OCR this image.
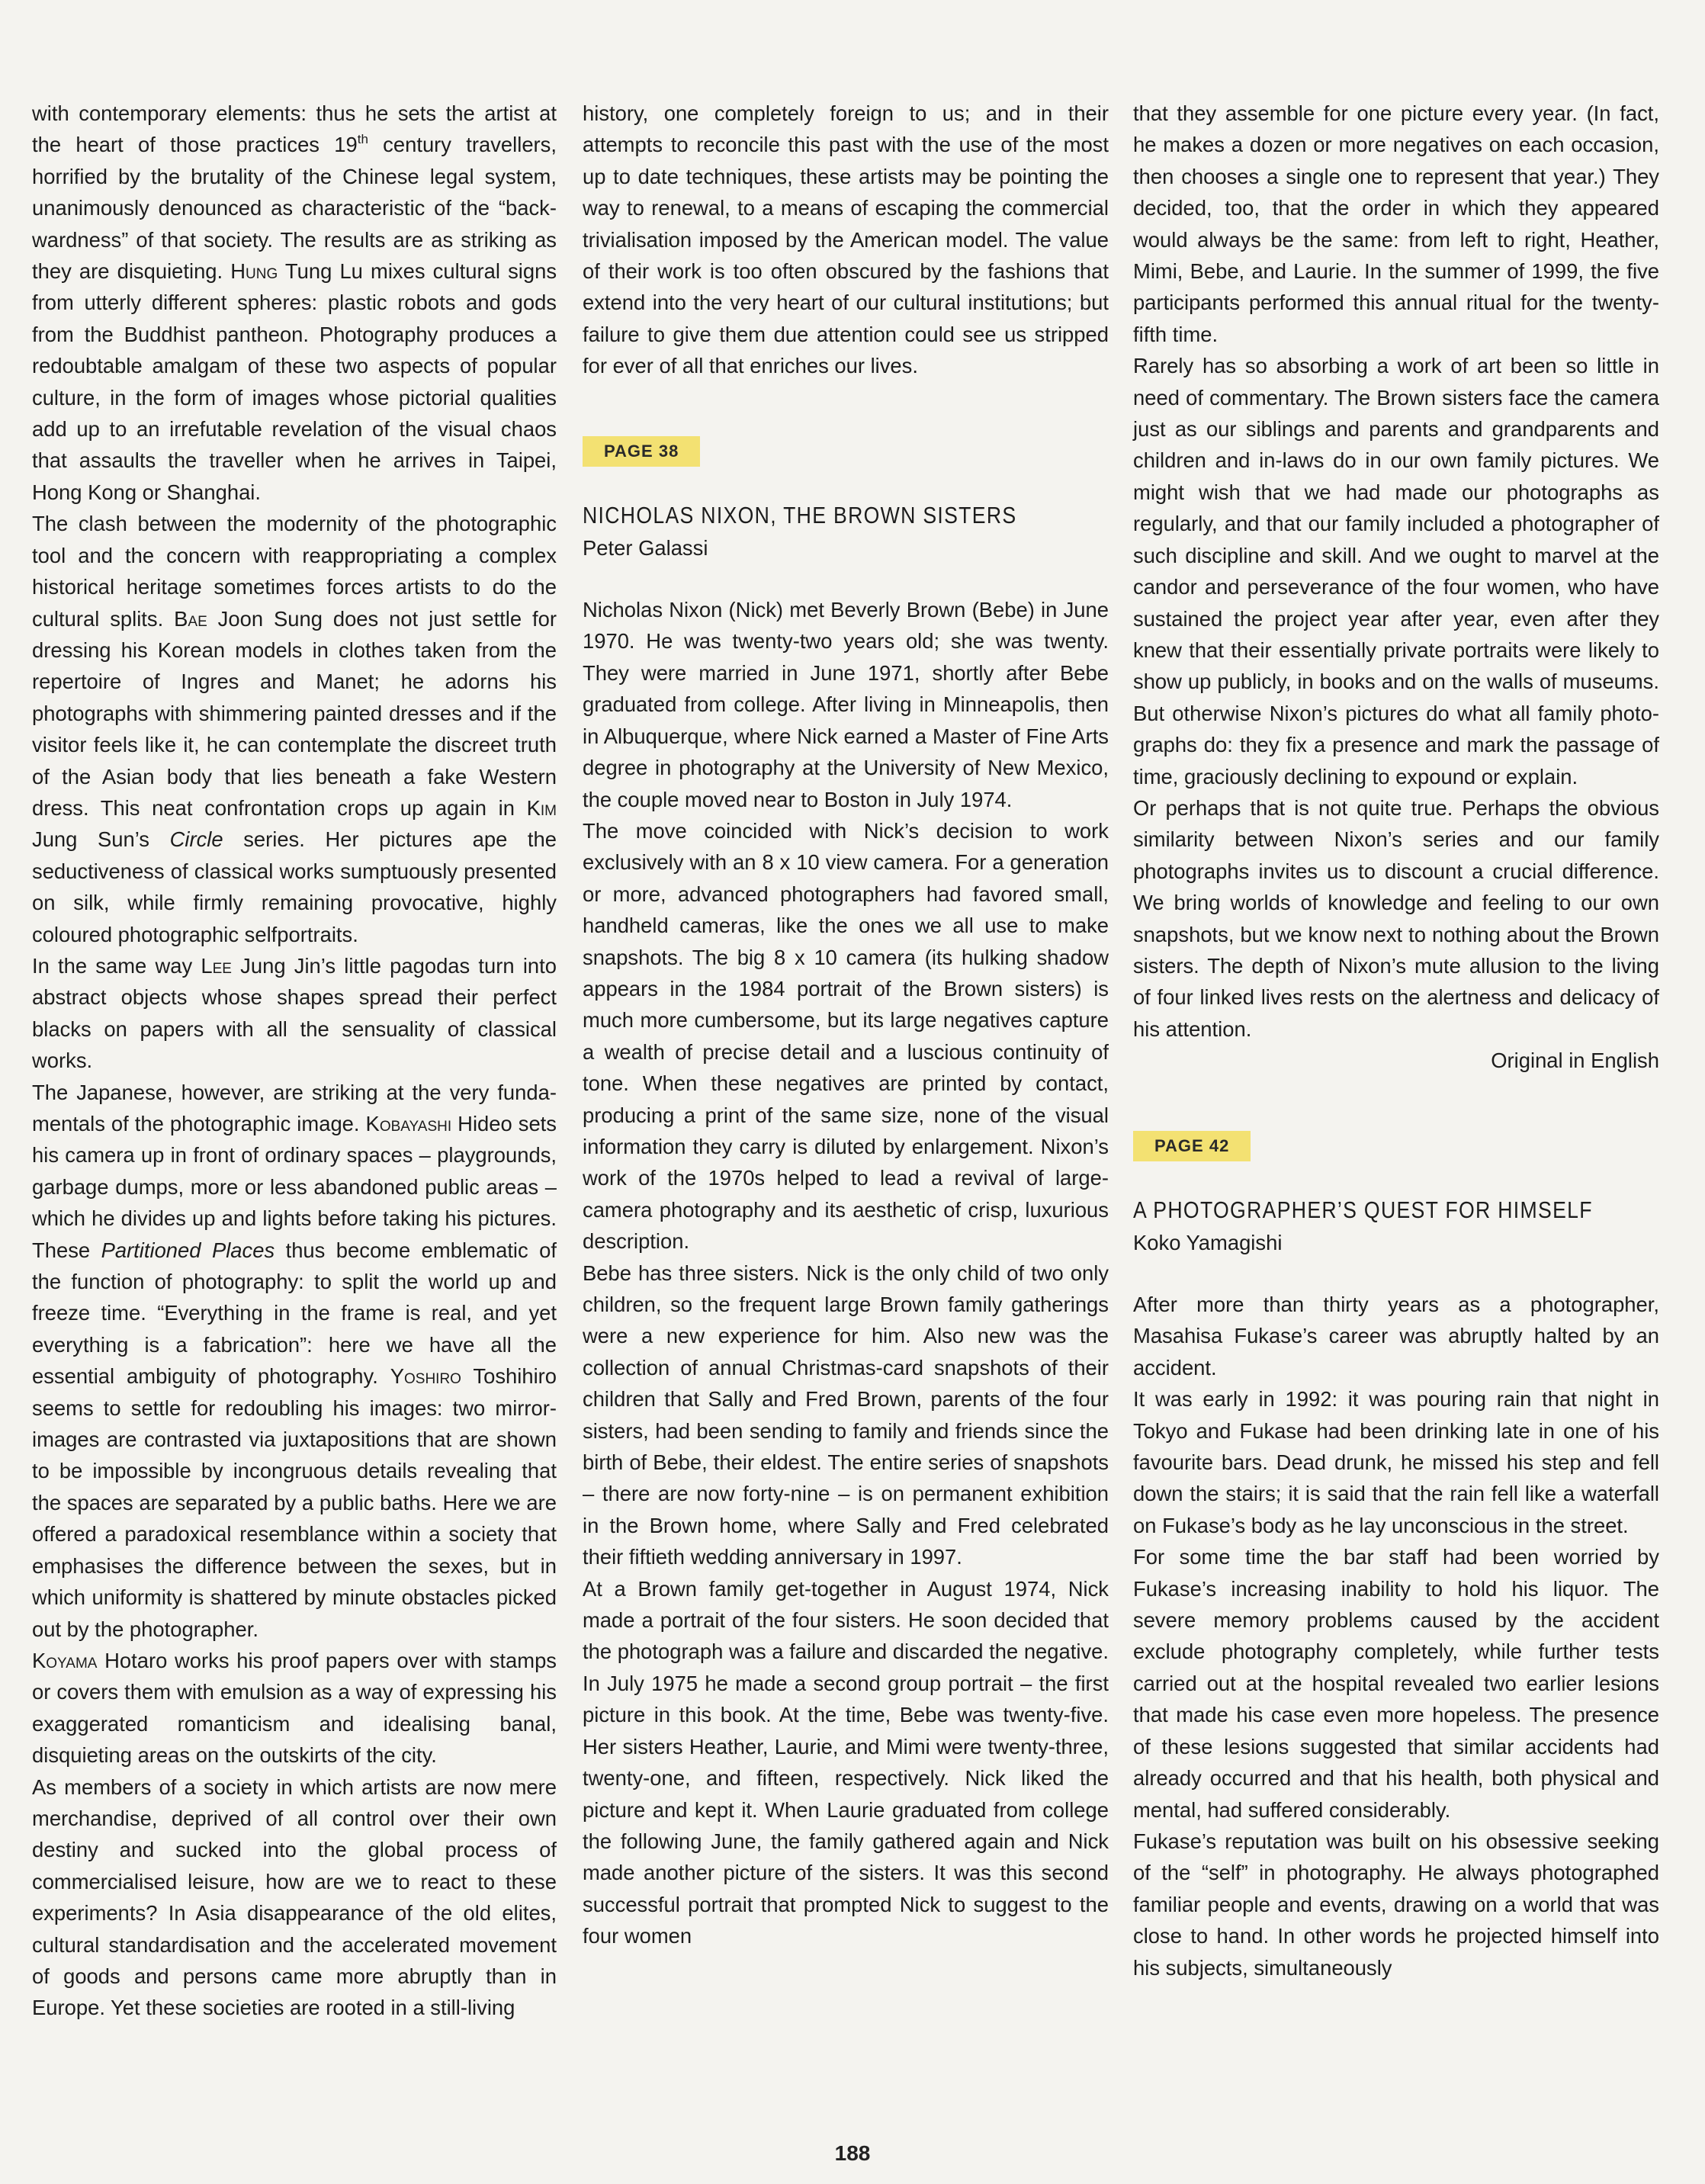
with contemporary elements: thus he sets the artist at the heart of those practices 19th century travellers, horrified by the brutality of the Chinese legal system, unanimously denounced as characteristic of the “back wardness” of that society. The results are as striking as they are disquieting. Hung Tung Lu mixes cultural signs from utterly different spheres: plastic robots and gods from the Buddhist pantheon. Photography produces a redoubtable amalgam of these two aspects of popular culture, in the form of images whose pictorial qualities add up to an irrefutable revelation of the visual chaos that assaults the traveller when he arrives in Taipei, Hong Kong or Shanghai.

The clash between the modernity of the photographic tool and the concern with reappropriating a complex historical heritage sometimes forces artists to do the cultural splits. Bae Joon Sung does not just settle for dressing his Korean models in clothes taken from the repertoire of Ingres and Manet; he adorns his photographs with shimmering painted dresses and if the visitor feels like it, he can contemplate the discreet truth of the Asian body that lies beneath a fake Western dress. This neat confrontation crops up again in Kim Jung Sun’s Circle series. Her pictures ape the seductiveness of classical works sumptuously presented on silk, while firmly remaining provocative, highly coloured photographic selfportraits.

In the same way Lee Jung Jin’s little pagodas turn into abstract objects whose shapes spread their perfect blacks on papers with all the sensuality of classical works.

The Japanese, however, are striking at the very fundamentals of the photographic image. Kobayashi Hideo sets his camera up in front of ordinary spaces – playgrounds, garbage dumps, more or less abandoned public areas – which he divides up and lights before taking his pictures. These Partitioned Places thus become emblematic of the function of photography: to split the world up and freeze time. “Everything in the frame is real, and yet everything is a fabrication”: here we have all the essential ambiguity of photography. Yoshiro Toshihiro seems to settle for redoubling his images: two mirror-images are contrasted via juxtapositions that are shown to be impossible by incongruous details revealing that the spaces are separated by a public baths. Here we are offered a paradoxical resemblance within a society that emphasises the difference between the sexes, but in which uniformity is shattered by minute obstacles picked out by the photographer.

Koyama Hotaro works his proof papers over with stamps or covers them with emulsion as a way of expressing his exaggerated romanticism and idealising banal, disquieting areas on the outskirts of the city.

As members of a society in which artists are now mere merchandise, deprived of all control over their own destiny and sucked into the global process of commercialised leisure, how are we to react to these experiments? In Asia disappearance of the old elites, cultural standardisation and the accelerated movement of goods and persons came more abruptly than in Europe. Yet these societies are rooted in a still-living

history, one completely foreign to us; and in their attempts to reconcile this past with the use of the most up to date techniques, these artists may be pointing the way to renewal, to a means of escaping the commercial trivialisation imposed by the American model. The value of their work is too often obscured by the fashions that extend into the very heart of our cultural institutions; but failure to give them due attention could see us stripped for ever of all that enriches our lives.

PAGE 38

NICHOLAS NIXON, THE BROWN SISTERS

Peter Galassi

Nicholas Nixon (Nick) met Beverly Brown (Bebe) in June 1970. He was twenty-two years old; she was twenty. They were married in June 1971, shortly after Bebe graduated from college. After living in Minneapolis, then in Albuquerque, where Nick earned a Master of Fine Arts degree in photography at the University of New Mexico, the couple moved near to Boston in July 1974.

The move coincided with Nick’s decision to work exclusively with an 8 x 10 view camera. For a generation or more, advanced photographers had favored small, handheld cameras, like the ones we all use to make snapshots. The big 8 x 10 camera (its hulking shadow appears in the 1984 portrait of the Brown sisters) is much more cumbersome, but its large negatives capture a wealth of precise detail and a luscious continuity of tone. When these negatives are printed by contact, producing a print of the same size, none of the visual information they carry is diluted by enlargement. Nixon’s work of the 1970s helped to lead a revival of large-camera photography and its aesthetic of crisp, luxurious description.

Bebe has three sisters. Nick is the only child of two only children, so the frequent large Brown family gatherings were a new experience for him. Also new was the collection of annual Christmas-card snapshots of their children that Sally and Fred Brown, parents of the four sisters, had been sending to family and friends since the birth of Bebe, their eldest. The entire series of snapshots – there are now forty-nine – is on permanent exhibition in the Brown home, where Sally and Fred celebrated their fiftieth wedding anniversary in 1997.

At a Brown family get-together in August 1974, Nick made a portrait of the four sisters. He soon decided that the photograph was a failure and discarded the negative. In July 1975 he made a second group portrait – the first picture in this book. At the time, Bebe was twenty-five. Her sisters Heather, Laurie, and Mimi were twenty-three, twenty-one, and fifteen, respectively. Nick liked the picture and kept it. When Laurie graduated from college the following June, the family gathered again and Nick made another picture of the sisters. It was this second successful portrait that prompted Nick to suggest to the four women

that they assemble for one picture every year. (In fact, he makes a dozen or more negatives on each occasion, then chooses a single one to represent that year.) They decided, too, that the order in which they appeared would always be the same: from left to right, Heather, Mimi, Bebe, and Laurie. In the summer of 1999, the five participants performed this annual ritual for the twenty-fifth time.

Rarely has so absorbing a work of art been so little in need of commentary. The Brown sisters face the camera just as our siblings and parents and grandparents and children and in-laws do in our own family pictures. We might wish that we had made our photographs as regularly, and that our family included a photographer of such discipline and skill. And we ought to marvel at the candor and perseverance of the four women, who have sustained the project year after year, even after they knew that their essentially private portraits were likely to show up publicly, in books and on the walls of museums. But otherwise Nixon’s pictures do what all family photographs do: they fix a presence and mark the passage of time, graciously declining to expound or explain.

Or perhaps that is not quite true. Perhaps the obvious similarity between Nixon’s series and our family photographs invites us to discount a crucial difference. We bring worlds of knowledge and feeling to our own snapshots, but we know next to nothing about the Brown sisters. The depth of Nixon’s mute allusion to the living of four linked lives rests on the alertness and delicacy of his attention.

Original in English

PAGE 42

A PHOTOGRAPHER’S QUEST FOR HIMSELF

Koko Yamagishi

After more than thirty years as a photographer, Masahisa Fukase’s career was abruptly halted by an accident.

It was early in 1992: it was pouring rain that night in Tokyo and Fukase had been drinking late in one of his favourite bars. Dead drunk, he missed his step and fell down the stairs; it is said that the rain fell like a waterfall on Fukase’s body as he lay unconscious in the street.

For some time the bar staff had been worried by Fukase’s increasing inability to hold his liquor. The severe memory problems caused by the accident exclude photography completely, while further tests carried out at the hospital revealed two earlier lesions that made his case even more hopeless. The presence of these lesions suggested that similar accidents had already occurred and that his health, both physical and mental, had suffered considerably.

Fukase’s reputation was built on his obsessive seeking of the “self” in photography. He always photographed familiar people and events, drawing on a world that was close to hand. In other words he projected himself into his subjects, simultaneously

188
